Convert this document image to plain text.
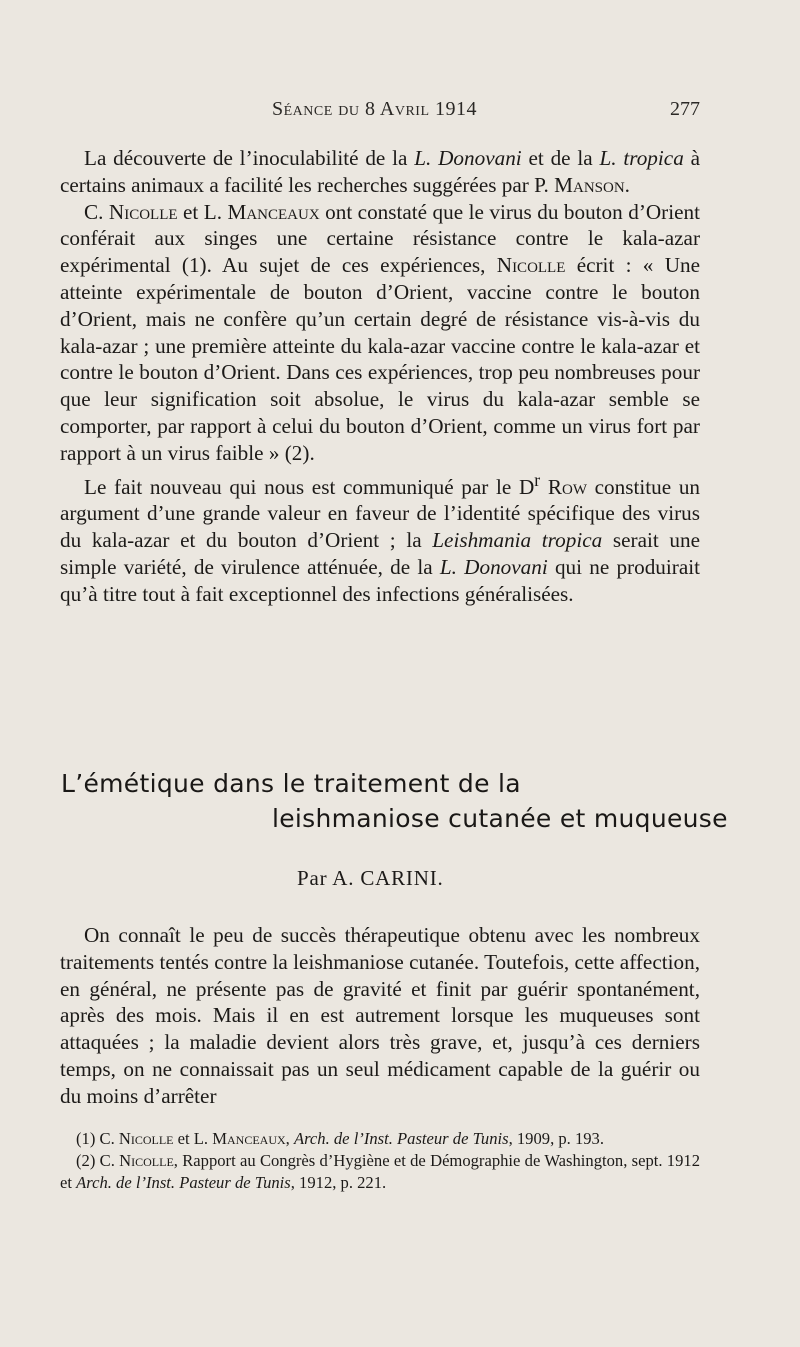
Séance du 8 Avril 1914	277

La découverte de l’inoculabilité de la L. Donovani et de la L. tropica à certains animaux a facilité les recherches suggérées par P. Manson.

C. Nicolle et L. Manceaux ont constaté que le virus du bouton d’Orient conférait aux singes une certaine résistance contre le kala-azar expérimental (1). Au sujet de ces expériences, Nicolle écrit : « Une atteinte expérimentale de bouton d’Orient, vaccine contre le bouton d’Orient, mais ne confère qu’un certain degré de résistance vis-à-vis du kala-azar ; une première atteinte du kala-azar vaccine contre le kala-azar et contre le bouton d’Orient. Dans ces expériences, trop peu nombreuses pour que leur signification soit absolue, le virus du kala-azar semble se comporter, par rapport à celui du bouton d’Orient, comme un virus fort par rapport à un virus faible » (2).

Le fait nouveau qui nous est communiqué par le $D^r$ Row constitue un argument d’une grande valeur en faveur de l’identité spécifique des virus du kala-azar et du bouton d’Orient ; la Leishmania tropica serait une simple variété, de virulence atténuée, de la L. Donovani qui ne produirait qu’à titre tout à fait exceptionnel des infections généralisées.

L’émétique dans le traitement de la
leishmaniose cutanée et muqueuse
Par A. CARINI.

On connaît le peu de succès thérapeutique obtenu avec les nombreux traitements tentés contre la leishmaniose cutanée. Toutefois, cette affection, en général, ne présente pas de gravité et finit par guérir spontanément, après des mois. Mais il en est autrement lorsque les muqueuses sont attaquées ; la maladie devient alors très grave, et, jusqu’à ces derniers temps, on ne connaissait pas un seul médicament capable de la guérir ou du moins d’arrêter

(1) C. Nicolle et L. Manceaux, Arch. de l’Inst. Pasteur de Tunis, 1909, p. 193.

(2) C. Nicolle, Rapport au Congrès d’Hygiène et de Démographie de Washington, sept. 1912 et Arch. de l’Inst. Pasteur de Tunis, 1912, p. 221.
